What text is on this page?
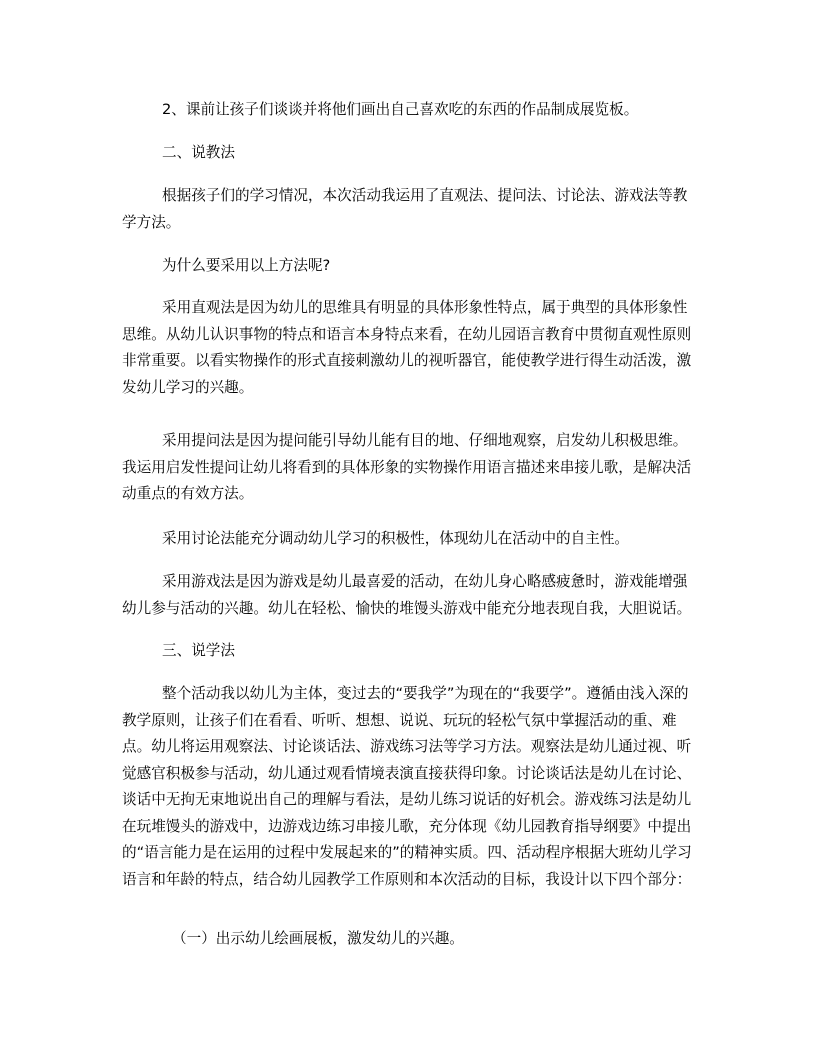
2、课前让孩子们谈谈并将他们画出自己喜欢吃的东西的作品制成展览板。

二、说教法

根据孩子们的学习情况，本次活动我运用了直观法、提问法、讨论法、游戏法等教学方法。

为什么要采用以上方法呢?

采用直观法是因为幼儿的思维具有明显的具体形象性特点，属于典型的具体形象性思维。从幼儿认识事物的特点和语言本身特点来看，在幼儿园语言教育中贯彻直观性原则非常重要。以看实物操作的形式直接刺激幼儿的视听器官，能使教学进行得生动活泼，激发幼儿学习的兴趣。

采用提问法是因为提问能引导幼儿能有目的地、仔细地观察，启发幼儿积极思维。我运用启发性提问让幼儿将看到的具体形象的实物操作用语言描述来串接儿歌，是解决活动重点的有效方法。

采用讨论法能充分调动幼儿学习的积极性，体现幼儿在活动中的自主性。

采用游戏法是因为游戏是幼儿最喜爱的活动，在幼儿身心略感疲惫时，游戏能增强幼儿参与活动的兴趣。幼儿在轻松、愉快的堆馒头游戏中能充分地表现自我，大胆说话。

三、说学法

整个活动我以幼儿为主体，变过去的“要我学”为现在的“我要学”。遵循由浅入深的教学原则，让孩子们在看看、听听、想想、说说、玩玩的轻松气氛中掌握活动的重、难点。幼儿将运用观察法、讨论谈话法、游戏练习法等学习方法。观察法是幼儿通过视、听觉感官积极参与活动，幼儿通过观看情境表演直接获得印象。讨论谈话法是幼儿在讨论、谈话中无拘无束地说出自己的理解与看法，是幼儿练习说话的好机会。游戏练习法是幼儿在玩堆馒头的游戏中，边游戏边练习串接儿歌，充分体现《幼儿园教育指导纲要》中提出的“语言能力是在运用的过程中发展起来的”的精神实质。四、活动程序根据大班幼儿学习语言和年龄的特点，结合幼儿园教学工作原则和本次活动的目标，我设计以下四个部分：

（一）出示幼儿绘画展板，激发幼儿的兴趣。
